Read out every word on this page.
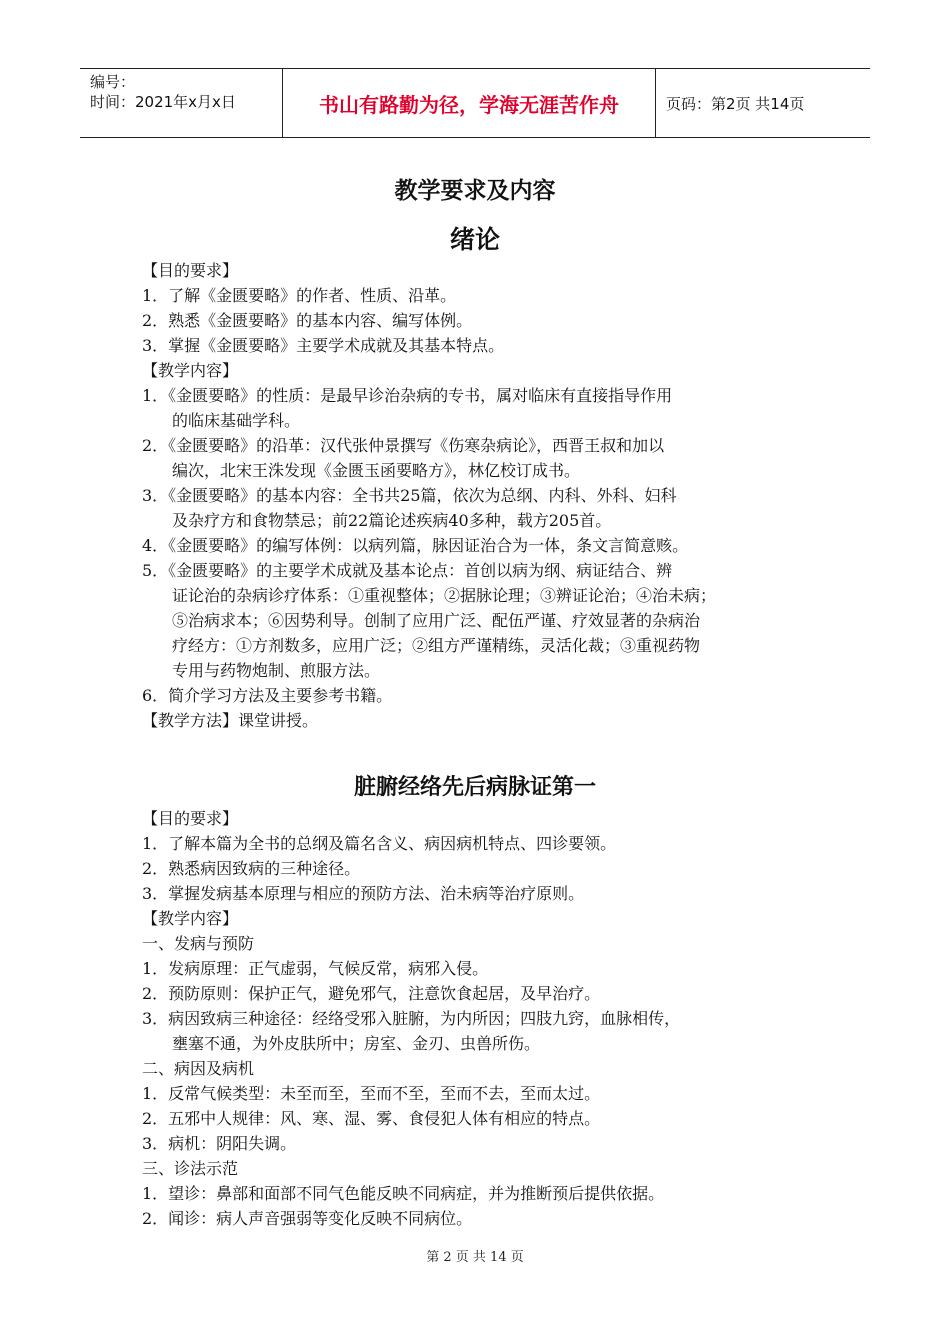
编号：
时间：2021年x月x日	书山有路勤为径，学海无涯苦作舟	页码：第2页 共14页
教学要求及内容
绪论
【目的要求】
1．了解《金匮要略》的作者、性质、沿革。
2．熟悉《金匮要略》的基本内容、编写体例。
3．掌握《金匮要略》主要学术成就及其基本特点。
【教学内容】
1．《金匮要略》的性质：是最早诊治杂病的专书，属对临床有直接指导作用
的临床基础学科。
2．《金匮要略》的沿革：汉代张仲景撰写《伤寒杂病论》，西晋王叔和加以
编次，北宋王洙发现《金匮玉函要略方》，林亿校订成书。
3．《金匮要略》的基本内容：全书共25篇，依次为总纲、内科、外科、妇科
及杂疗方和食物禁忌；前22篇论述疾病40多种，载方205首。
4．《金匮要略》的编写体例：以病列篇，脉因证治合为一体，条文言简意赅。
5．《金匮要略》的主要学术成就及基本论点：首创以病为纲、病证结合、辨
证论治的杂病诊疗体系：①重视整体；②据脉论理；③辨证论治；④治未病；
⑤治病求本；⑥因势利导。创制了应用广泛、配伍严谨、疗效显著的杂病治
疗经方：①方剂数多，应用广泛；②组方严谨精练，灵活化裁；③重视药物
专用与药物炮制、煎服方法。
6．简介学习方法及主要参考书籍。
【教学方法】课堂讲授。
脏腑经络先后病脉证第一
【目的要求】
1．了解本篇为全书的总纲及篇名含义、病因病机特点、四诊要领。
2．熟悉病因致病的三种途径。
3．掌握发病基本原理与相应的预防方法、治未病等治疗原则。
【教学内容】
一、发病与预防
1．发病原理：正气虚弱，气候反常，病邪入侵。
2．预防原则：保护正气，避免邪气，注意饮食起居，及早治疗。
3．病因致病三种途径：经络受邪入脏腑，为内所因；四肢九窍，血脉相传，
壅塞不通，为外皮肤所中；房室、金刃、虫兽所伤。
二、病因及病机
1．反常气候类型：未至而至，至而不至，至而不去，至而太过。
2．五邪中人规律：风、寒、湿、雾、食侵犯人体有相应的特点。
3．病机：阴阳失调。
三、诊法示范
1．望诊：鼻部和面部不同气色能反映不同病症，并为推断预后提供依据。
2．闻诊：病人声音强弱等变化反映不同病位。
第 2 页 共 14 页
